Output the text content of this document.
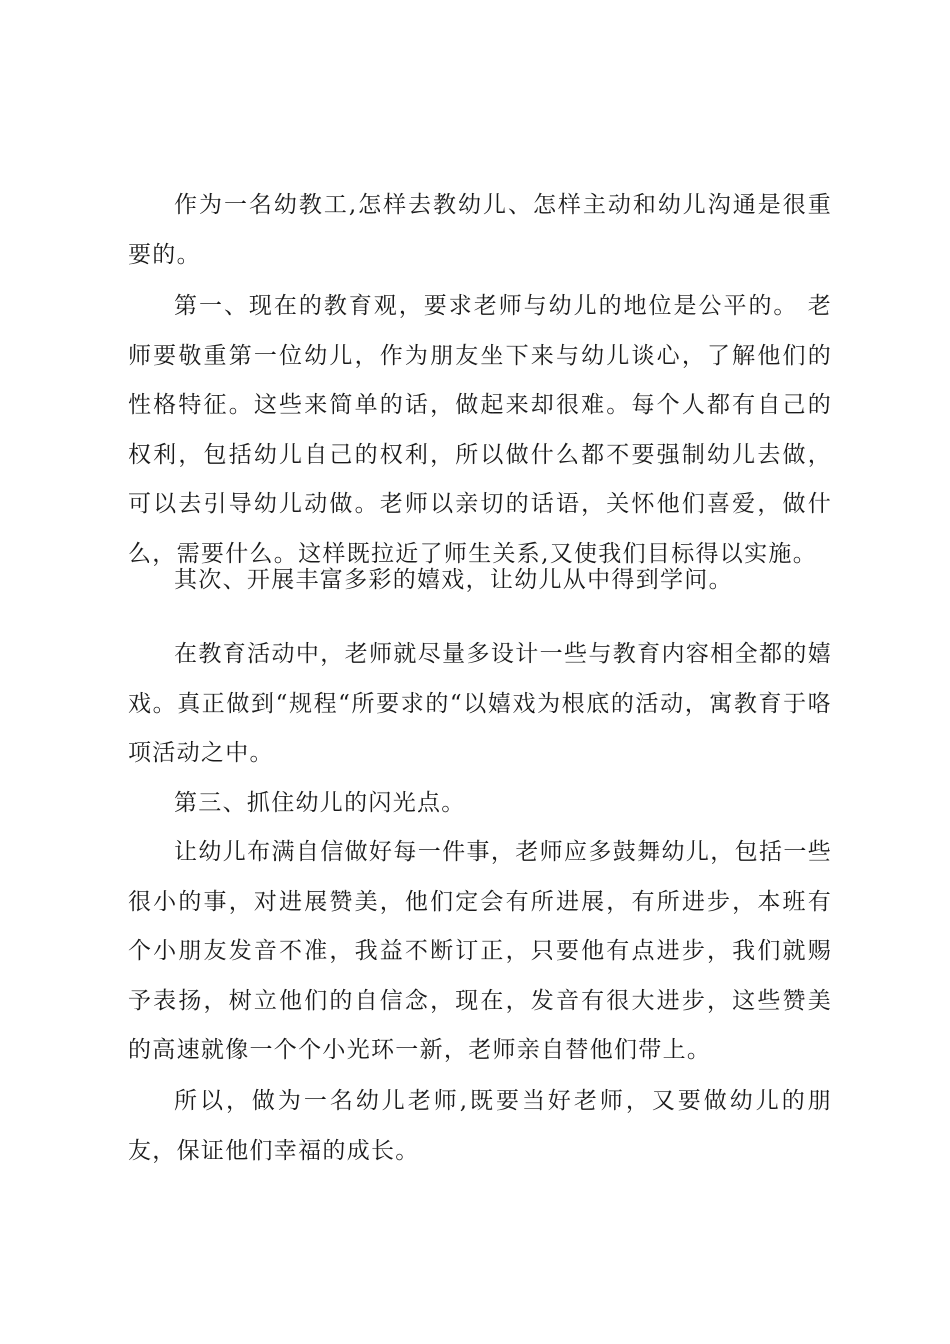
作为一名幼教工,怎样去教幼儿、怎样主动和幼儿沟通是很重要的。

第一、现在的教育观，要求老师与幼儿的地位是公平的。 老师要敬重第一位幼儿，作为朋友坐下来与幼儿谈心，了解他们的性格特征。这些来简单的话，做起来却很难。每个人都有自己的权利，包括幼儿自己的权利，所以做什么都不要强制幼儿去做，可以去引导幼儿动做。老师以亲切的话语，关怀他们喜爱，做什么，需要什么。这样既拉近了师生关系,又使我们目标得以实施。

其次、开展丰富多彩的嬉戏，让幼儿从中得到学问。

在教育活动中，老师就尽量多设计一些与教育内容相全都的嬉戏。真正做到“规程“所要求的“以嬉戏为根底的活动，寓教育于咯项活动之中。

第三、抓住幼儿的闪光点。

让幼儿布满自信做好每一件事，老师应多鼓舞幼儿，包括一些很小的事，对进展赞美，他们定会有所进展，有所进步，本班有个小朋友发音不准，我益不断订正，只要他有点进步，我们就赐予表扬，树立他们的自信念，现在，发音有很大进步，这些赞美的高速就像一个个小光环一新，老师亲自替他们带上。

所以，做为一名幼儿老师,既要当好老师，又要做幼儿的朋友，保证他们幸福的成长。
